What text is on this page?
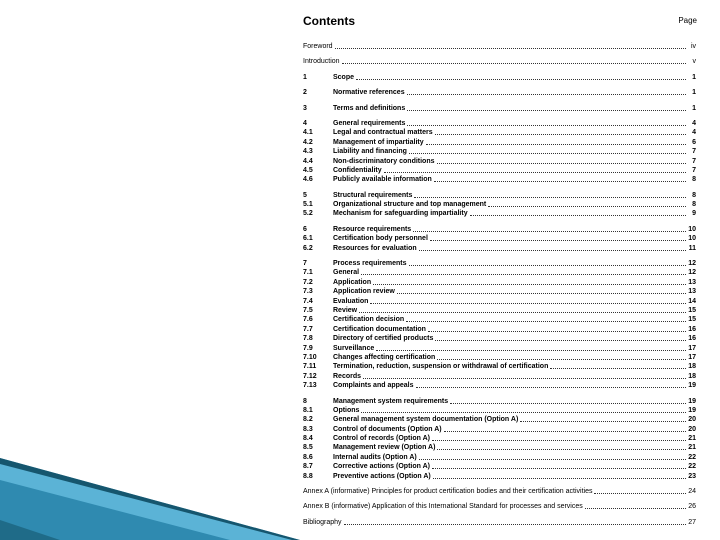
Contents	Page
Foreword	iv
Introduction	v
1	Scope	1
2	Normative references	1
3	Terms and definitions	1
4	General requirements	4
4.1	Legal and contractual matters	4
4.2	Management of impartiality	6
4.3	Liability and financing	7
4.4	Non-discriminatory conditions	7
4.5	Confidentiality	7
4.6	Publicly available information	8
5	Structural requirements	8
5.1	Organizational structure and top management	8
5.2	Mechanism for safeguarding impartiality	9
6	Resource requirements	10
6.1	Certification body personnel	10
6.2	Resources for evaluation	11
7	Process requirements	12
7.1	General	12
7.2	Application	13
7.3	Application review	13
7.4	Evaluation	14
7.5	Review	15
7.6	Certification decision	15
7.7	Certification documentation	16
7.8	Directory of certified products	16
7.9	Surveillance	17
7.10	Changes affecting certification	17
7.11	Termination, reduction, suspension or withdrawal of certification	18
7.12	Records	18
7.13	Complaints and appeals	19
8	Management system requirements	19
8.1	Options	19
8.2	General management system documentation (Option A)	20
8.3	Control of documents (Option A)	20
8.4	Control of records (Option A)	21
8.5	Management review (Option A)	21
8.6	Internal audits (Option A)	22
8.7	Corrective actions (Option A)	22
8.8	Preventive actions (Option A)	23
Annex A (informative) Principles for product certification bodies and their certification activities	24
Annex B (informative) Application of this International Standard for processes and services	26
Bibliography	27
